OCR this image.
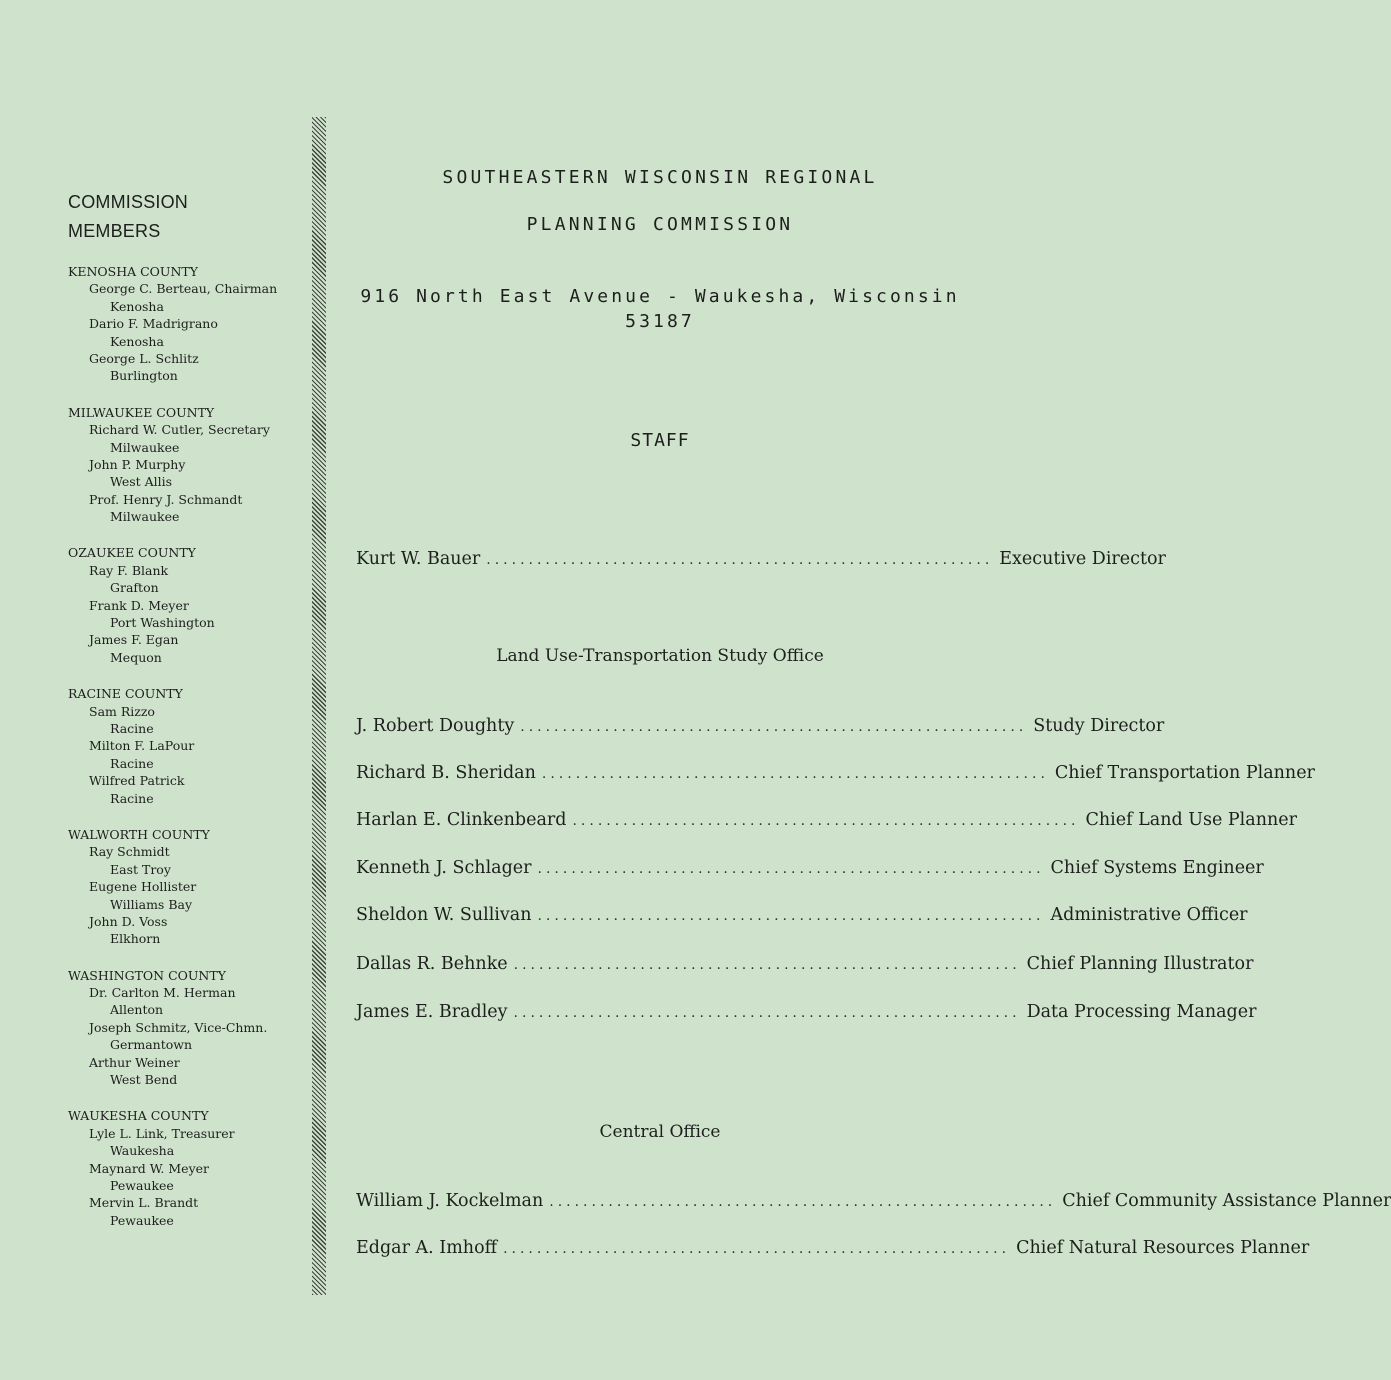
COMMISSION
MEMBERS
KENOSHA COUNTY
George C. Berteau, Chairman
Kenosha
Dario F. Madrigrano
Kenosha
George L. Schlitz
Burlington
MILWAUKEE COUNTY
Richard W. Cutler, Secretary
Milwaukee
John P. Murphy
West Allis
Prof. Henry J. Schmandt
Milwaukee
OZAUKEE COUNTY
Ray F. Blank
Grafton
Frank D. Meyer
Port Washington
James F. Egan
Mequon
RACINE COUNTY
Sam Rizzo
Racine
Milton F. LaPour
Racine
Wilfred Patrick
Racine
WALWORTH COUNTY
Ray Schmidt
East Troy
Eugene Hollister
Williams Bay
John D. Voss
Elkhorn
WASHINGTON COUNTY
Dr. Carlton M. Herman
Allenton
Joseph Schmitz, Vice-Chmn.
Germantown
Arthur Weiner
West Bend
WAUKESHA COUNTY
Lyle L. Link, Treasurer
Waukesha
Maynard W. Meyer
Pewaukee
Mervin L. Brandt
Pewaukee
SOUTHEASTERN WISCONSIN REGIONAL
PLANNING COMMISSION
916 North East Avenue - Waukesha, Wisconsin
53187
STAFF
Kurt W. Bauer ............................................................ Executive Director
Land Use-Transportation Study Office
J. Robert Doughty ............................................................ Study Director
Richard B. Sheridan ............................................................ Chief Transportation Planner
Harlan E. Clinkenbeard ............................................................ Chief Land Use Planner
Kenneth J. Schlager ............................................................ Chief Systems Engineer
Sheldon W. Sullivan ............................................................ Administrative Officer
Dallas R. Behnke ............................................................ Chief Planning Illustrator
James E. Bradley ............................................................ Data Processing Manager
Central Office
William J. Kockelman ............................................................ Chief Community Assistance Planner
Edgar A. Imhoff ............................................................ Chief Natural Resources Planner
